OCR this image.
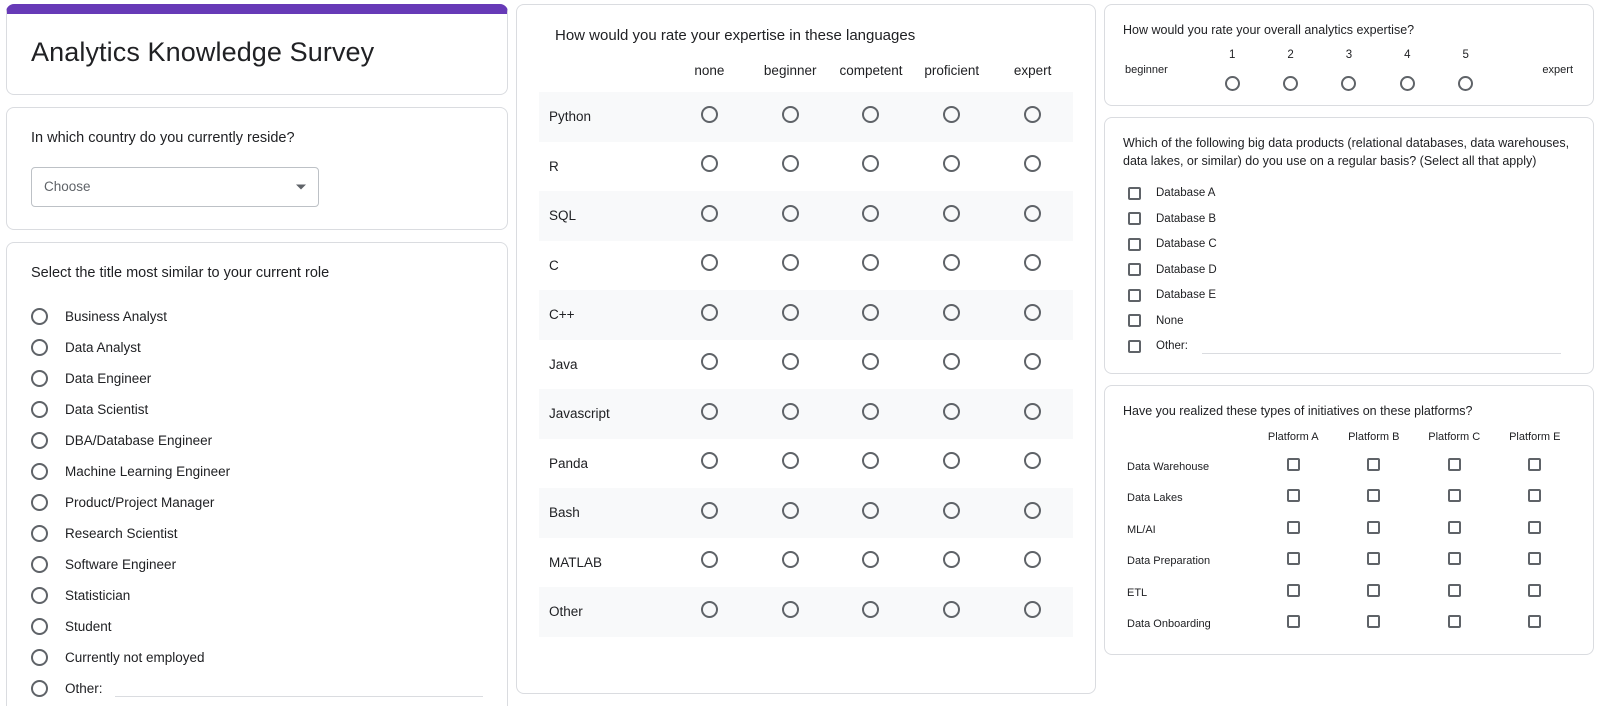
Analytics Knowledge Survey
In which country do you currently reside?
Choose
Select the title most similar to your current role
Business Analyst
Data Analyst
Data Engineer
Data Scientist
DBA/Database Engineer
Machine Learning Engineer
Product/Project Manager
Research Scientist
Software Engineer
Statistician
Student
Currently not employed
Other:
How would you rate your expertise in these languages
	none	beginner	competent	proficient	expert
Python					
R					
SQL					
C					
C++					
Java					
Javascript					
Panda					
Bash					
MATLAB					
Other					
How would you rate your overall analytics expertise?
beginner
1	2	3	4	5
expert
Which of the following big data products (relational databases, data warehouses, data lakes, or similar) do you use on a regular basis? (Select all that apply)
Database A
Database B
Database C
Database D
Database E
None
Other:
Have you realized these types of initiatives on these platforms?
	Platform A	Platform B	Platform C	Platform E
Data Warehouse				
Data Lakes				
ML/AI				
Data Preparation				
ETL				
Data Onboarding				
